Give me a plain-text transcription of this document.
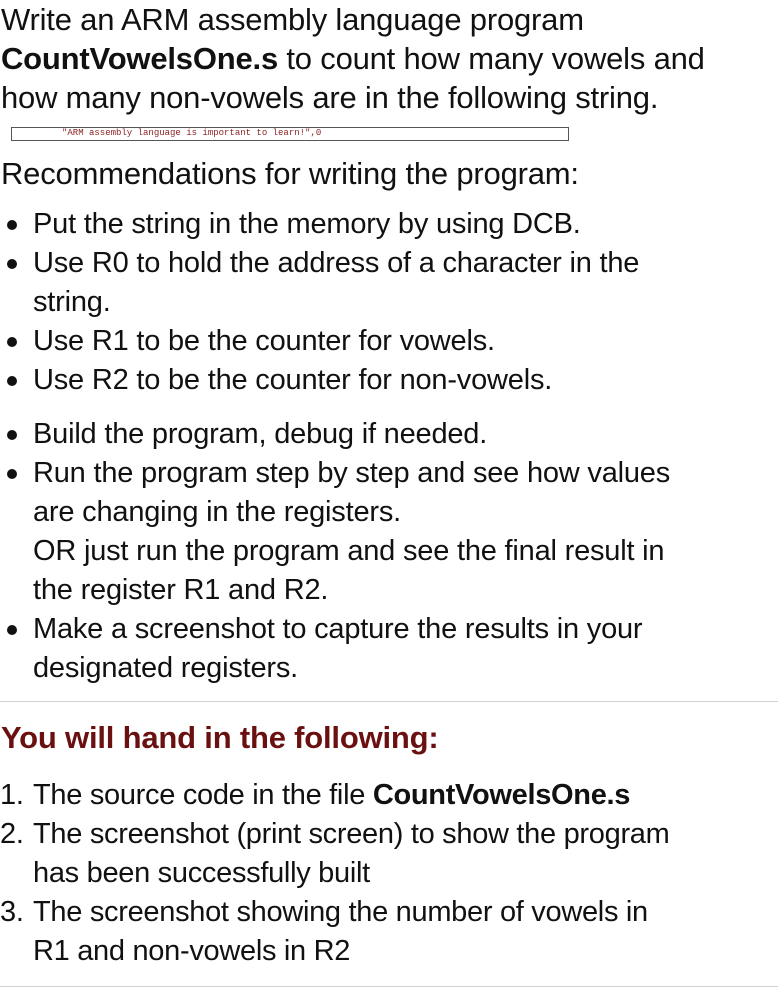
Write an ARM assembly language program
CountVowelsOne.s to count how many vowels and
how many non-vowels are in the following string.

"ARM assembly language is important to learn!",0
Recommendations for writing the program:
Put the string in the memory by using DCB.
Use R0 to hold the address of a character in the
string.
Use R1 to be the counter for vowels.
Use R2 to be the counter for non-vowels.
Build the program, debug if needed.
Run the program step by step and see how values
are changing in the registers.
OR just run the program and see the final result in
the register R1 and R2.
Make a screenshot to capture the results in your
designated registers.
You will hand in the following:
1. The source code in the file CountVowelsOne.s
2. The screenshot (print screen) to show the program
has been successfully built
3. The screenshot showing the number of vowels in
R1 and non-vowels in R2
